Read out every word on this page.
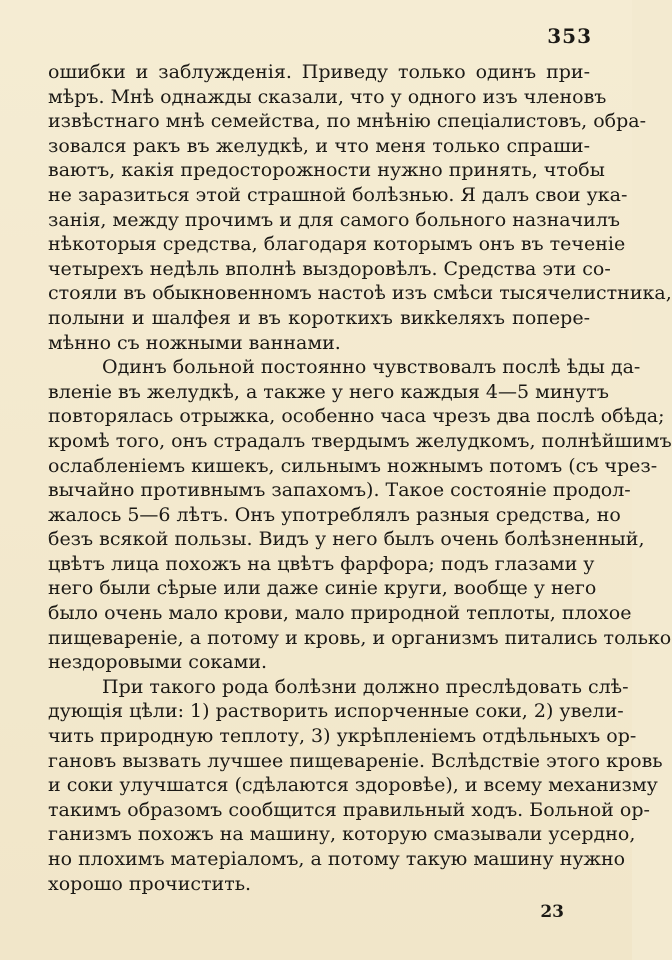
353
ошибки и заблужденія. Приведу только одинъ при-
мѣръ. Мнѣ однажды сказали, что у одного изъ членовъ
извѣстнаго мнѣ семейства, по мнѣнію спеціалистовъ, обра-
зовался ракъ въ желудкѣ, и что меня только спраши-
ваютъ, какія предосторожности нужно принять, чтобы
не заразиться этой страшной болѣзнью. Я далъ свои ука-
занія, между прочимъ и для самого больного назначилъ
нѣкоторыя средства, благодаря которымъ онъ въ теченіе
четырехъ недѣль вполнѣ выздоровѣлъ. Средства эти со-
стояли въ обыкновенномъ настоѣ изъ смѣси тысячелистника,
полыни и шалфея и въ короткихъ викkеляхъ попере-
мѣнно съ ножными ваннами.
Одинъ больной постоянно чувствовалъ послѣ ѣды да-
вленіе въ желудкѣ, а также у него каждыя 4—5 минутъ
повторялась отрыжка, особенно часа чрезъ два послѣ обѣда;
кромѣ того, онъ страдалъ твердымъ желудкомъ, полнѣйшимъ
ослабленіемъ кишекъ, сильнымъ ножнымъ потомъ (съ чрез-
вычайно противнымъ запахомъ). Такое состояніе продол-
жалось 5—6 лѣтъ. Онъ употреблялъ разныя средства, но
безъ всякой пользы. Видъ у него былъ очень болѣзненный,
цвѣтъ лица похожъ на цвѣтъ фарфора; подъ глазами у
него были сѣрые или даже синіе круги, вообще у него
было очень мало крови, мало природной теплоты, плохое
пищевареніе, а потому и кровь, и организмъ питались только
нездоровыми соками.
При такого рода болѣзни должно преслѣдовать слѣ-
дующія цѣли: 1) растворить испорченные соки, 2) увели-
чить природную теплоту, 3) укрѣпленіемъ отдѣльныхъ ор-
гановъ вызвать лучшее пищевареніе. Вслѣдствіе этого кровь
и соки улучшатся (сдѣлаются здоровѣе), и всему механизму
такимъ образомъ сообщится правильный ходъ. Больной ор-
ганизмъ похожъ на машину, которую смазывали усердно,
но плохимъ матеріаломъ, а потому такую машину нужно
хорошо прочистить.
23
